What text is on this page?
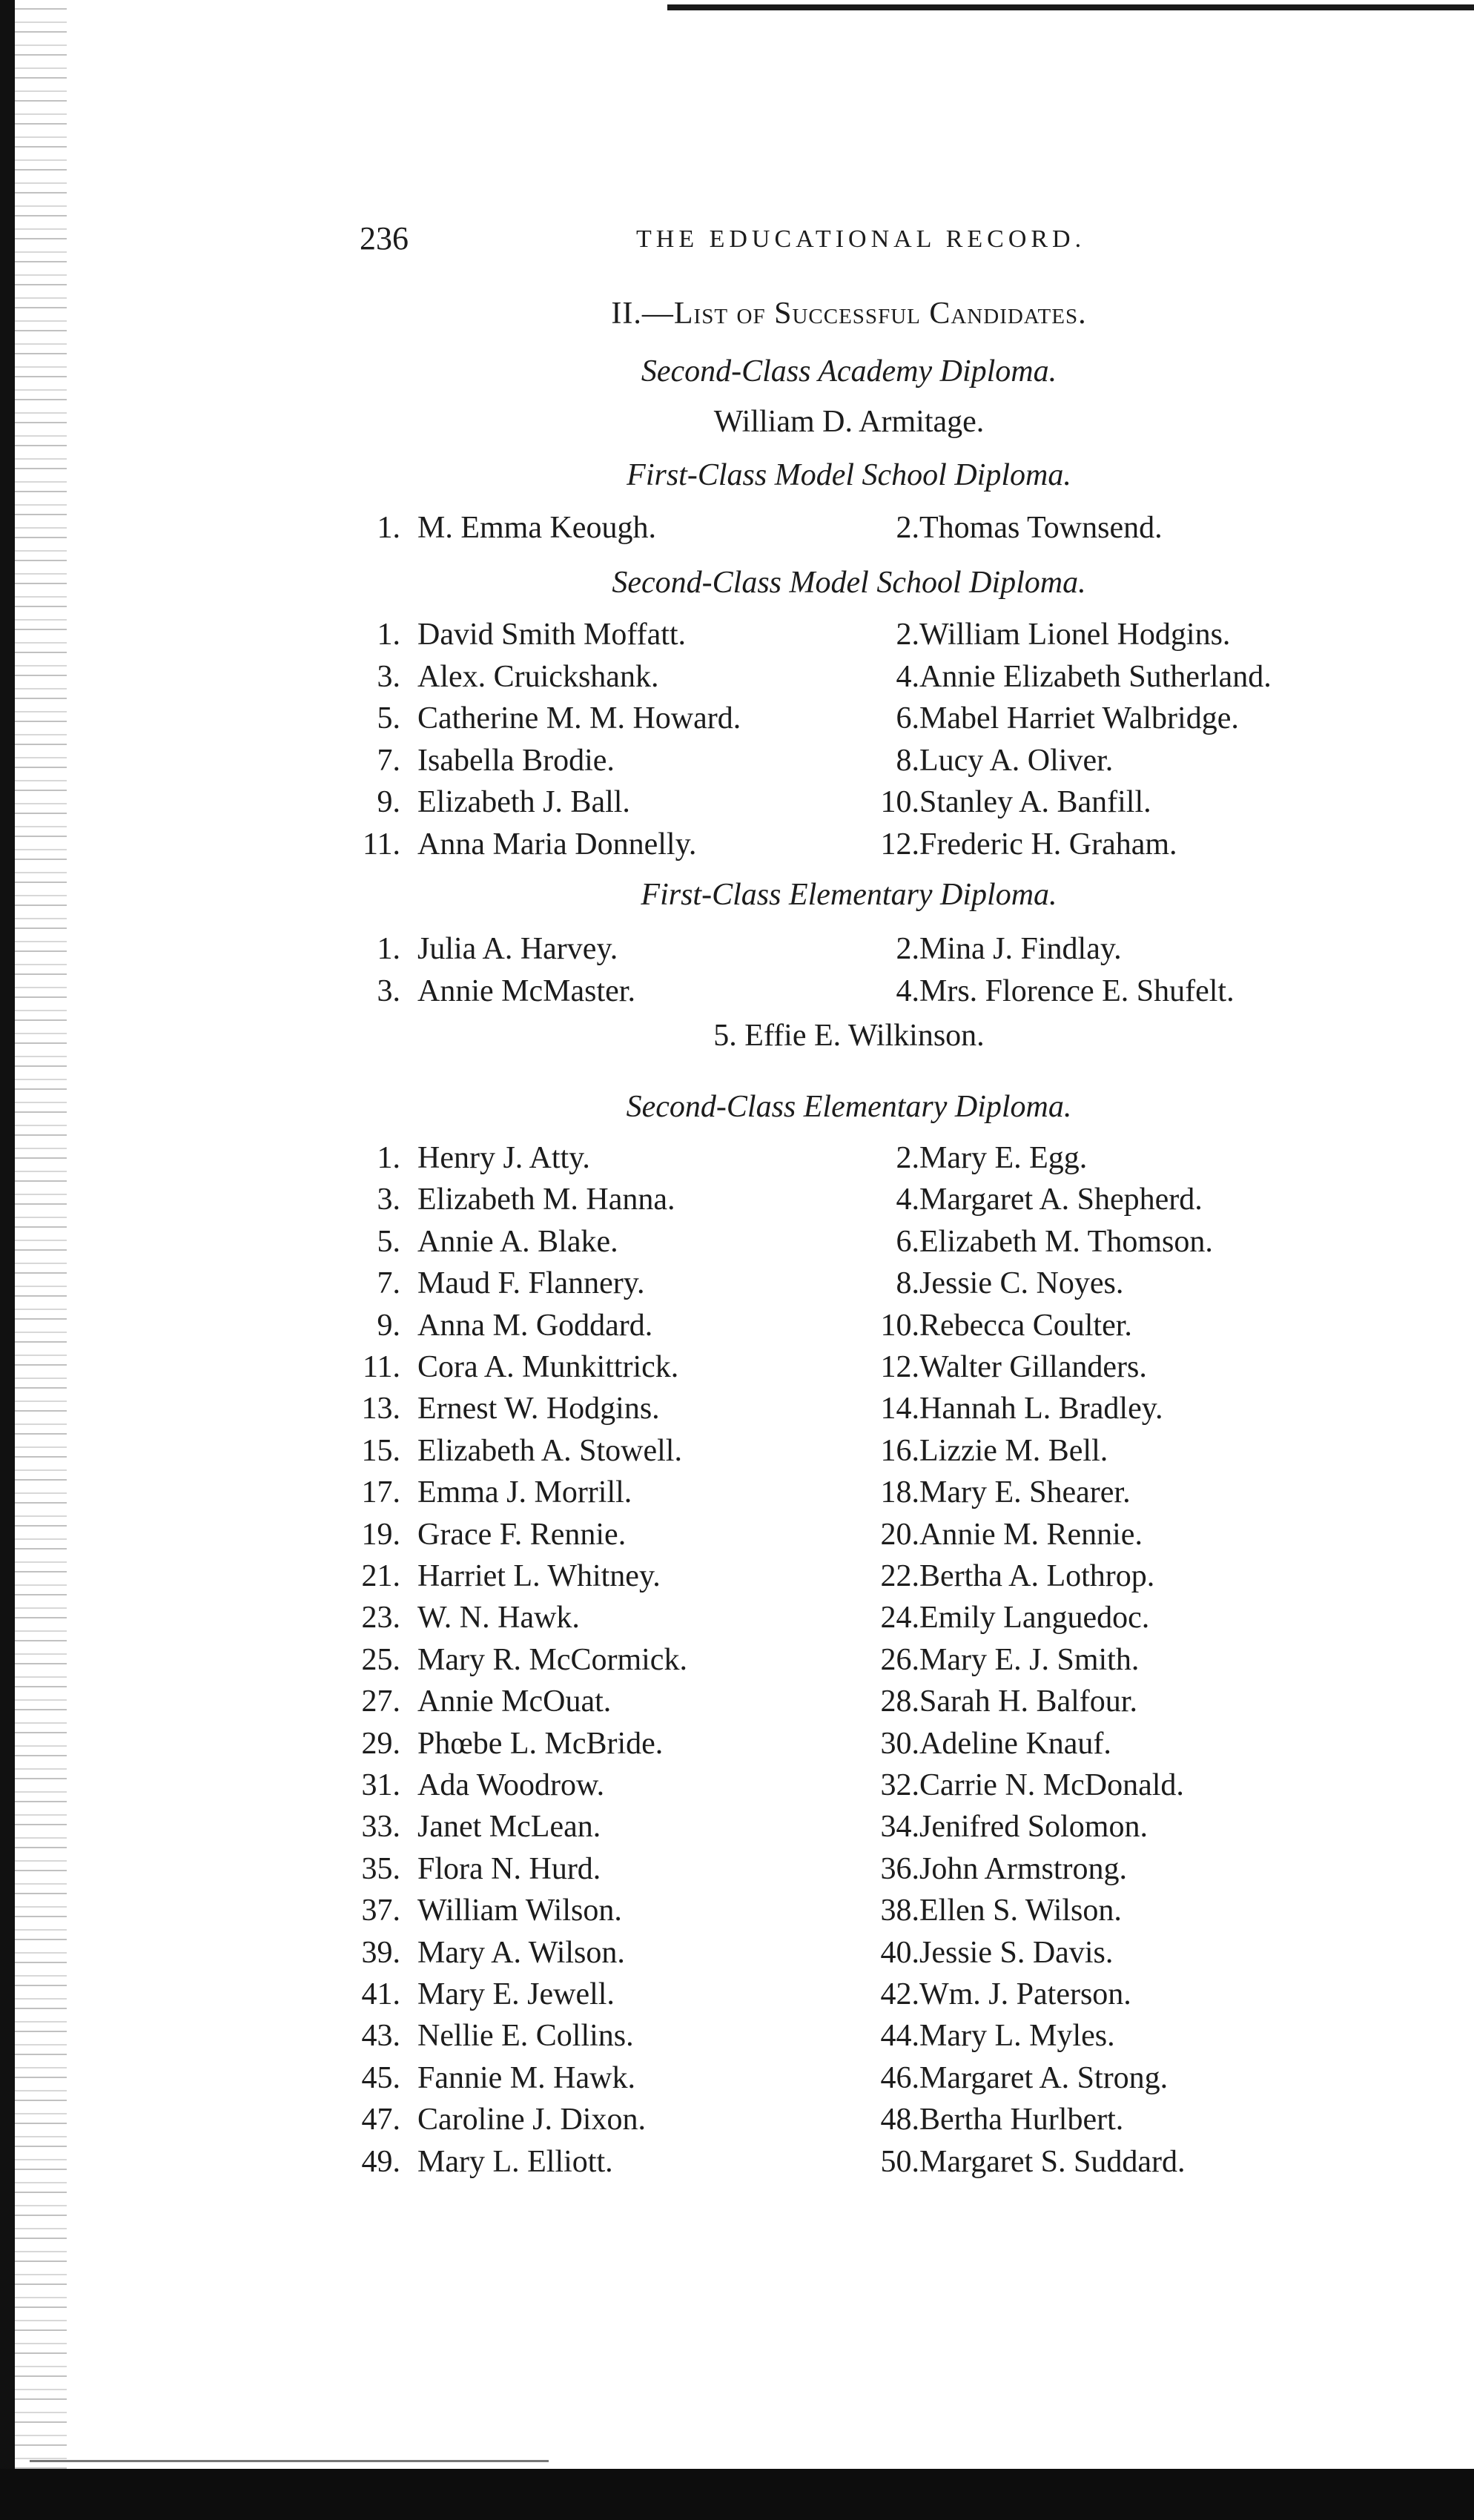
236	THE EDUCATIONAL RECORD.
II.—List of Successful Candidates.
Second-Class Academy Diploma.
William D. Armitage.
First-Class Model School Diploma.
1. M. Emma Keough.	2. Thomas Townsend.
Second-Class Model School Diploma.
1. David Smith Moffatt.	2. William Lionel Hodgins.
3. Alex. Cruickshank.	4. Annie Elizabeth Sutherland.
5. Catherine M. M. Howard.	6. Mabel Harriet Walbridge.
7. Isabella Brodie.	8. Lucy A. Oliver.
9. Elizabeth J. Ball.	10. Stanley A. Banfill.
11. Anna Maria Donnelly.	12. Frederic H. Graham.
First-Class Elementary Diploma.
1. Julia A. Harvey.	2. Mina J. Findlay.
3. Annie McMaster.	4. Mrs. Florence E. Shufelt.
5. Effie E. Wilkinson.
Second-Class Elementary Diploma.
1. Henry J. Atty.	2. Mary E. Egg.
3. Elizabeth M. Hanna.	4. Margaret A. Shepherd.
5. Annie A. Blake.	6. Elizabeth M. Thomson.
7. Maud F. Flannery.	8. Jessie C. Noyes.
9. Anna M. Goddard.	10. Rebecca Coulter.
11. Cora A. Munkittrick.	12. Walter Gillanders.
13. Ernest W. Hodgins.	14. Hannah L. Bradley.
15. Elizabeth A. Stowell.	16. Lizzie M. Bell.
17. Emma J. Morrill.	18. Mary E. Shearer.
19. Grace F. Rennie.	20. Annie M. Rennie.
21. Harriet L. Whitney.	22. Bertha A. Lothrop.
23. W. N. Hawk.	24. Emily Languedoc.
25. Mary R. McCormick.	26. Mary E. J. Smith.
27. Annie McOuat.	28. Sarah H. Balfour.
29. Phœbe L. McBride.	30. Adeline Knauf.
31. Ada Woodrow.	32. Carrie N. McDonald.
33. Janet McLean.	34. Jenifred Solomon.
35. Flora N. Hurd.	36. John Armstrong.
37. William Wilson.	38. Ellen S. Wilson.
39. Mary A. Wilson.	40. Jessie S. Davis.
41. Mary E. Jewell.	42. Wm. J. Paterson.
43. Nellie E. Collins.	44. Mary L. Myles.
45. Fannie M. Hawk.	46. Margaret A. Strong.
47. Caroline J. Dixon.	48. Bertha Hurlbert.
49. Mary L. Elliott.	50. Margaret S. Suddard.
